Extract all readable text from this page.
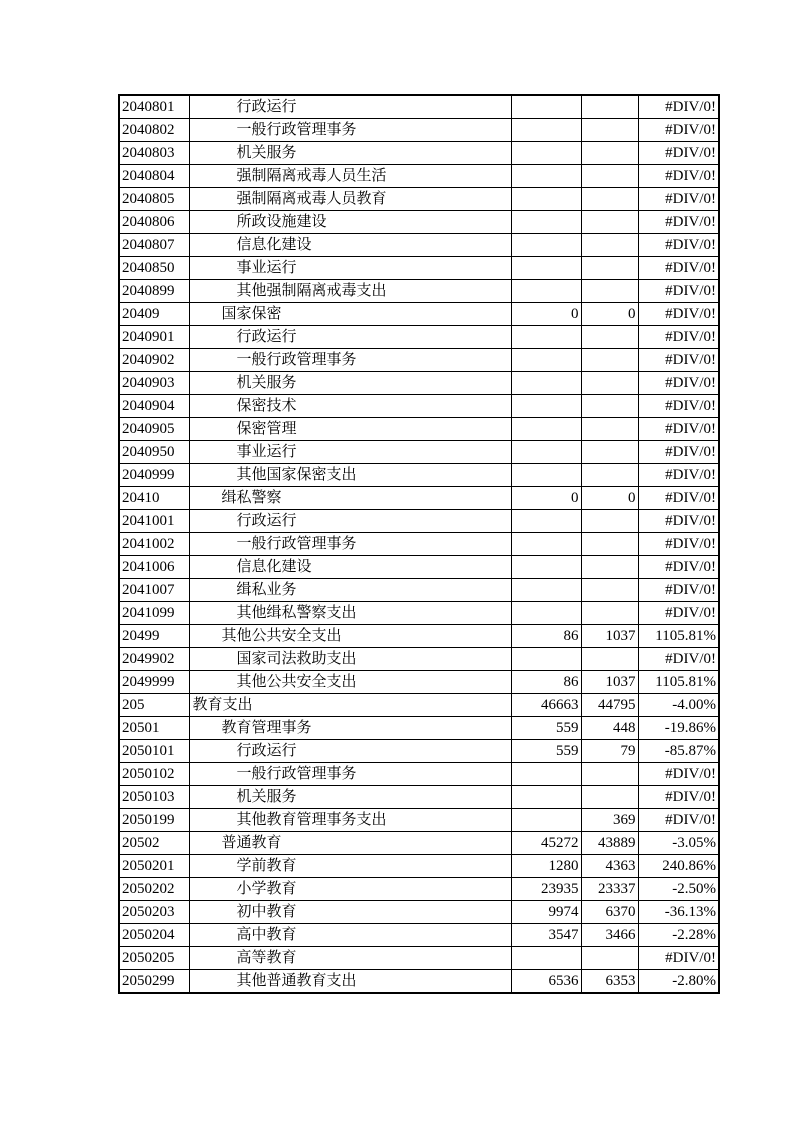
2040801	行政运行			#DIV/0!
2040802	一般行政管理事务			#DIV/0!
2040803	机关服务			#DIV/0!
2040804	强制隔离戒毒人员生活			#DIV/0!
2040805	强制隔离戒毒人员教育			#DIV/0!
2040806	所政设施建设			#DIV/0!
2040807	信息化建设			#DIV/0!
2040850	事业运行			#DIV/0!
2040899	其他强制隔离戒毒支出			#DIV/0!
20409	国家保密	0	0	#DIV/0!
2040901	行政运行			#DIV/0!
2040902	一般行政管理事务			#DIV/0!
2040903	机关服务			#DIV/0!
2040904	保密技术			#DIV/0!
2040905	保密管理			#DIV/0!
2040950	事业运行			#DIV/0!
2040999	其他国家保密支出			#DIV/0!
20410	缉私警察	0	0	#DIV/0!
2041001	行政运行			#DIV/0!
2041002	一般行政管理事务			#DIV/0!
2041006	信息化建设			#DIV/0!
2041007	缉私业务			#DIV/0!
2041099	其他缉私警察支出			#DIV/0!
20499	其他公共安全支出	86	1037	1105.81%
2049902	国家司法救助支出			#DIV/0!
2049999	其他公共安全支出	86	1037	1105.81%
205	教育支出	46663	44795	-4.00%
20501	教育管理事务	559	448	-19.86%
2050101	行政运行	559	79	-85.87%
2050102	一般行政管理事务			#DIV/0!
2050103	机关服务			#DIV/0!
2050199	其他教育管理事务支出		369	#DIV/0!
20502	普通教育	45272	43889	-3.05%
2050201	学前教育	1280	4363	240.86%
2050202	小学教育	23935	23337	-2.50%
2050203	初中教育	9974	6370	-36.13%
2050204	高中教育	3547	3466	-2.28%
2050205	高等教育			#DIV/0!
2050299	其他普通教育支出	6536	6353	-2.80%
